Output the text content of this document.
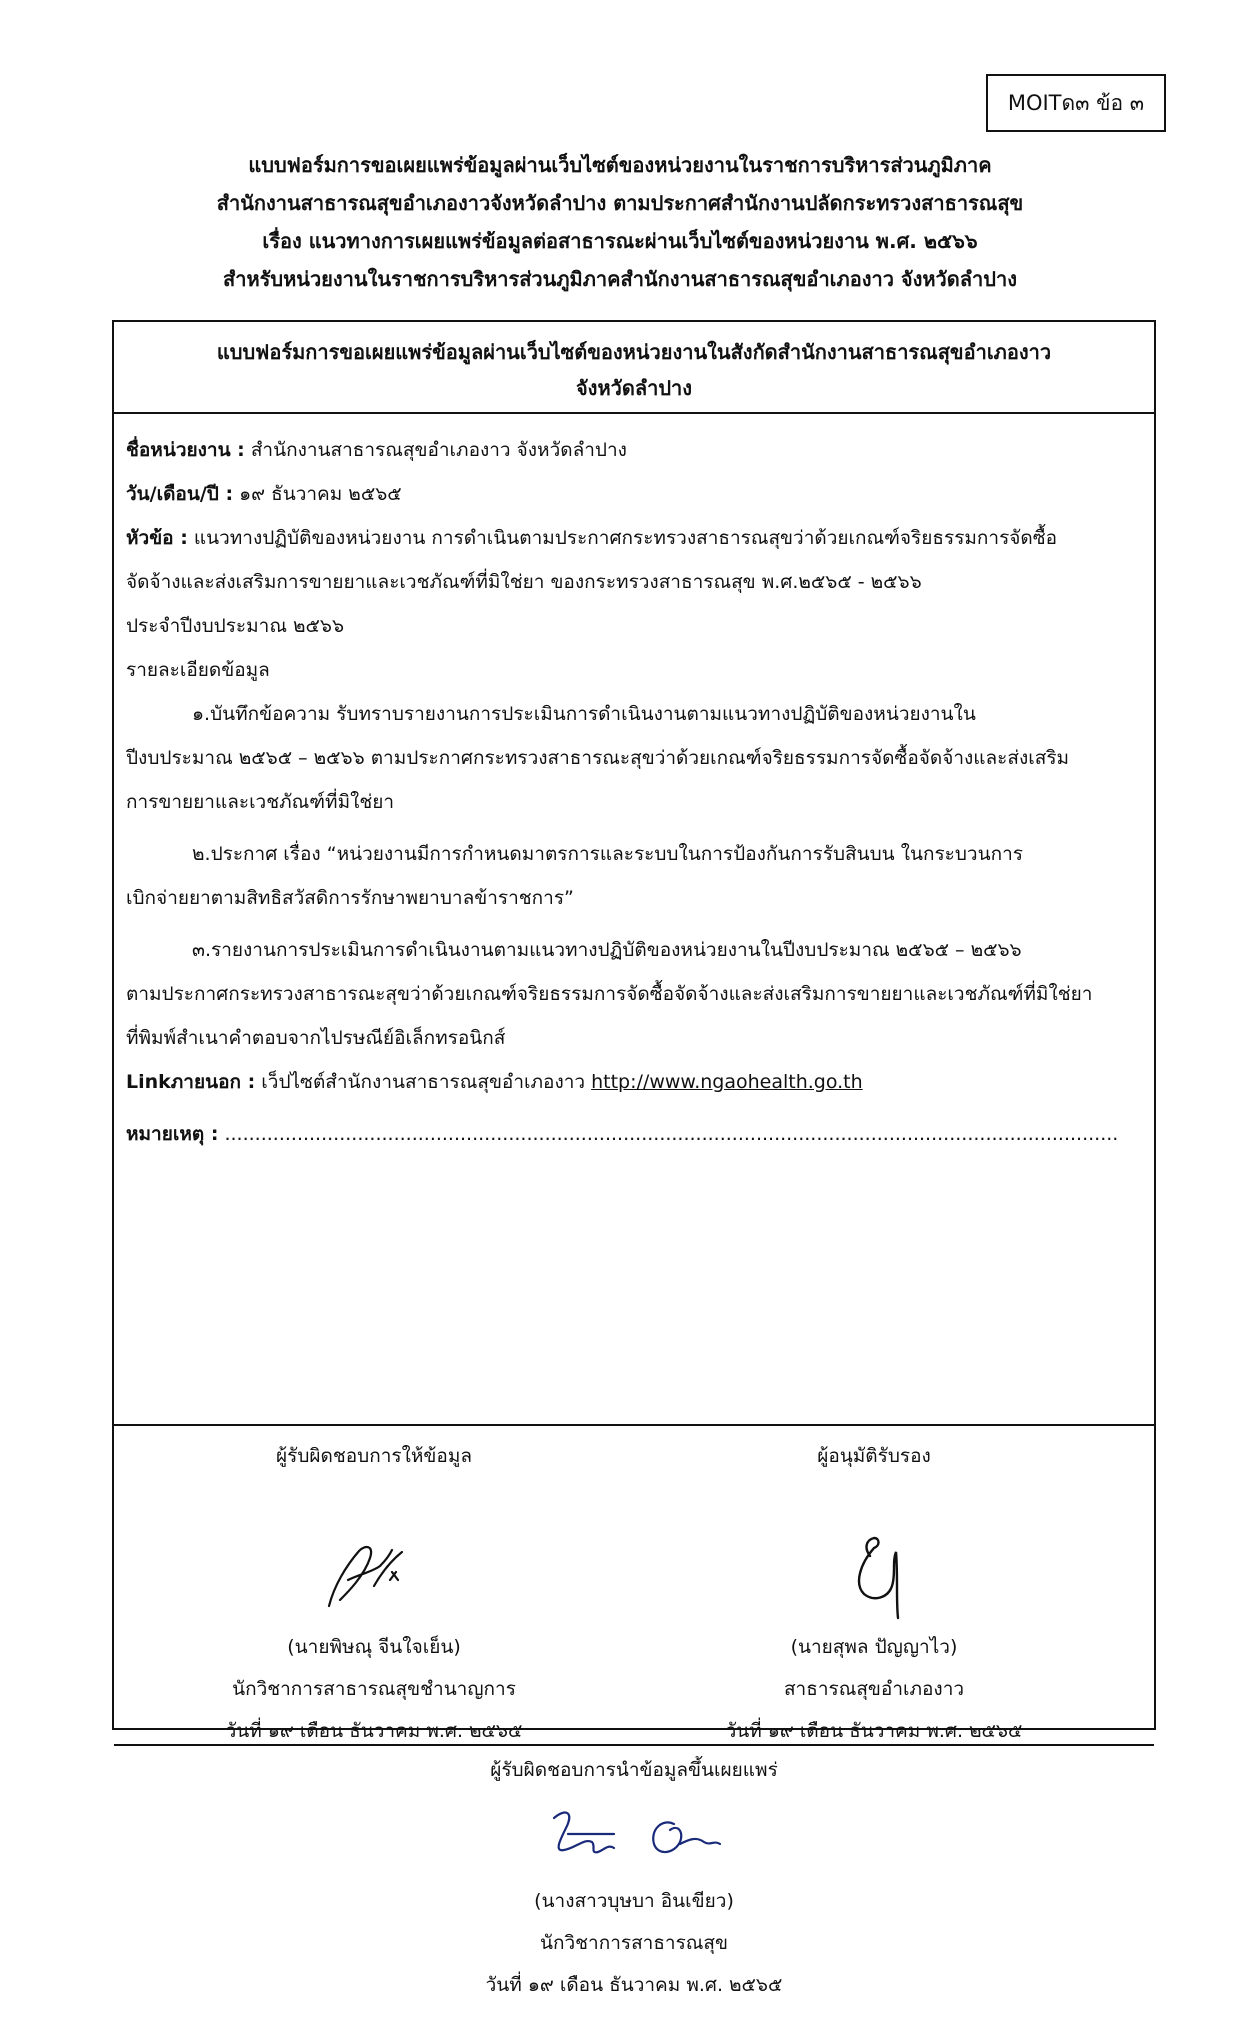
MOITด๓ ข้อ ๓
แบบฟอร์มการขอเผยแพร่ข้อมูลผ่านเว็บไซต์ของหน่วยงานในราชการบริหารส่วนภูมิภาค
สำนักงานสาธารณสุขอำเภองาวจังหวัดลำปาง ตามประกาศสำนักงานปลัดกระทรวงสาธารณสุข
เรื่อง แนวทางการเผยแพร่ข้อมูลต่อสาธารณะผ่านเว็บไซต์ของหน่วยงาน พ.ศ. ๒๕๖๖
สำหรับหน่วยงานในราชการบริหารส่วนภูมิภาคสำนักงานสาธารณสุขอำเภองาว จังหวัดลำปาง
แบบฟอร์มการขอเผยแพร่ข้อมูลผ่านเว็บไซต์ของหน่วยงานในสังกัดสำนักงานสาธารณสุขอำเภองาว
จังหวัดลำปาง
ชื่อหน่วยงาน : สำนักงานสาธารณสุขอำเภองาว จังหวัดลำปาง
วัน/เดือน/ปี : ๑๙ ธันวาคม ๒๕๖๕
หัวข้อ : แนวทางปฏิบัติของหน่วยงาน การดำเนินตามประกาศกระทรวงสาธารณสุขว่าด้วยเกณฑ์จริยธรรมการจัดซื้อ
จัดจ้างและส่งเสริมการขายยาและเวชภัณฑ์ที่มิใช่ยา ของกระทรวงสาธารณสุข พ.ศ.๒๕๖๕ - ๒๕๖๖
ประจำปีงบประมาณ ๒๕๖๖
รายละเอียดข้อมูล
๑.บันทึกข้อความ รับทราบรายงานการประเมินการดำเนินงานตามแนวทางปฏิบัติของหน่วยงานใน
ปีงบประมาณ ๒๕๖๕ – ๒๕๖๖ ตามประกาศกระทรวงสาธารณะสุขว่าด้วยเกณฑ์จริยธรรมการจัดซื้อจัดจ้างและส่งเสริม
การขายยาและเวชภัณฑ์ที่มิใช่ยา
๒.ประกาศ เรื่อง “หน่วยงานมีการกำหนดมาตรการและระบบในการป้องกันการรับสินบน ในกระบวนการ
เบิกจ่ายยาตามสิทธิสวัสดิการรักษาพยาบาลข้าราชการ”
๓.รายงานการประเมินการดำเนินงานตามแนวทางปฏิบัติของหน่วยงานในปีงบประมาณ ๒๕๖๕ – ๒๕๖๖
ตามประกาศกระทรวงสาธารณะสุขว่าด้วยเกณฑ์จริยธรรมการจัดซื้อจัดจ้างและส่งเสริมการขายยาและเวชภัณฑ์ที่มิใช่ยา
ที่พิมพ์สำเนาคำตอบจากไปรษณีย์อิเล็กทรอนิกส์
Linkภายนอก : เว็ปไซต์สำนักงานสาธารณสุขอำเภองาว http://www.ngaohealth.go.th
หมายเหตุ : ....................................................................................................................................................
ผู้รับผิดชอบการให้ข้อมูล
(นายพิษณุ จีนใจเย็น)
นักวิชาการสาธารณสุขชำนาญการ
วันที่ ๑๙ เดือน ธันวาคม พ.ศ. ๒๕๖๕
ผู้อนุมัติรับรอง
(นายสุพล ปัญญาไว)
สาธารณสุขอำเภองาว
วันที่ ๑๙ เดือน ธันวาคม พ.ศ. ๒๕๖๕
ผู้รับผิดชอบการนำข้อมูลขึ้นเผยแพร่
(นางสาวบุษบา อินเขียว)
นักวิชาการสาธารณสุข
วันที่ ๑๙ เดือน ธันวาคม พ.ศ. ๒๕๖๕
